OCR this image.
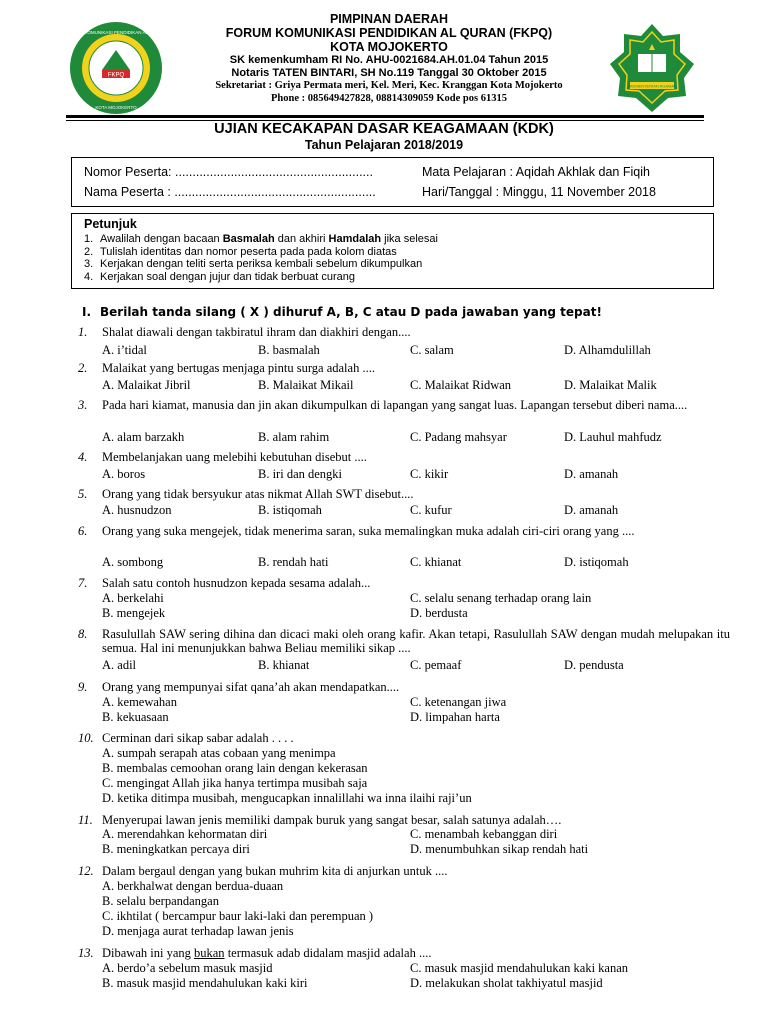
FKPQ
FORUM KOMUNIKASI PENDIDIKAN AL QURAN
KOTA MOJOKERTO
PIMPINAN DAERAH
FORUM KOMUNIKASI PENDIDIKAN AL QURAN (FKPQ)
KOTA MOJOKERTO
SK kemenkumham RI No. AHU-0021684.AH.01.04 Tahun 2015
Notaris TATEN BINTARI, SH No.119 Tanggal 30 Oktober 2015
Sekretariat : Griya Permata meri, Kel. Meri, Kec. Kranggan Kota Mojokerto
Phone : 085649427828, 08814309059 Kode pos 61315
KEMENTERIAN AGAMA
UJIAN KECAKAPAN DASAR KEAGAMAAN (KDK)
Tahun Pelajaran 2018/2019
Nomor Peserta: .........................................................
Nama Peserta : ..........................................................
Mata Pelajaran : Aqidah Akhlak dan Fiqih
Hari/Tanggal : Minggu, 11 November 2018
Petunjuk
1. Awalilah dengan bacaan Basmalah dan akhiri Hamdalah jika selesai
2. Tulislah identitas dan nomor peserta pada pada kolom diatas
3. Kerjakan dengan teliti serta periksa kembali sebelum dikumpulkan
4. Kerjakan soal dengan jujur dan tidak berbuat curang
I. Berilah tanda silang ( X ) dihuruf A, B, C atau D pada jawaban yang tepat!
1.	Shalat diawali dengan takbiratul ihram dan diakhiri dengan....
A. i’tidal	B. basmalah	C. salam	D. Alhamdulillah
2.	Malaikat yang bertugas menjaga pintu surga adalah ....
A. Malaikat Jibril	B. Malaikat Mikail	C. Malaikat Ridwan	D. Malaikat Malik
3.	Pada hari kiamat, manusia dan jin akan dikumpulkan di lapangan yang sangat luas. Lapangan tersebut diberi nama....
A. alam barzakh	B. alam rahim	C. Padang mahsyar	D. Lauhul mahfudz
4.	Membelanjakan uang melebihi kebutuhan disebut ....
A. boros	B. iri dan dengki	C. kikir	D. amanah
5.	Orang yang tidak bersyukur atas nikmat Allah SWT disebut....
A. husnudzon	B. istiqomah	C. kufur	D. amanah
6.	Orang yang suka mengejek, tidak menerima saran, suka memalingkan muka adalah ciri-ciri orang yang ....
A. sombong	B. rendah hati	C. khianat	D. istiqomah
7.	Salah satu contoh husnudzon kepada sesama adalah...
A. berkelahi	C. selalu senang terhadap orang lain
B. mengejek	D. berdusta
8.	Rasulullah SAW sering dihina dan dicaci maki oleh orang kafir. Akan tetapi, Rasulullah SAW dengan mudah melupakan itu semua. Hal ini menunjukkan bahwa Beliau memiliki sikap ....
A. adil	B. khianat	C. pemaaf	D. pendusta
9.	Orang yang mempunyai sifat qana’ah akan mendapatkan....
A. kemewahan	C. ketenangan jiwa
B. kekuasaan	D. limpahan harta
10. Cerminan dari sikap sabar adalah . . . .
A. sumpah serapah atas cobaan yang menimpa
B. membalas cemoohan orang lain dengan kekerasan
C. mengingat Allah jika hanya tertimpa musibah saja
D. ketika ditimpa musibah, mengucapkan innalillahi wa inna ilaihi raji’un
11. Menyerupai lawan jenis memiliki dampak buruk yang sangat besar, salah satunya adalah….
A. merendahkan kehormatan diri	C. menambah kebanggan diri
B. meningkatkan percaya diri	D. menumbuhkan sikap rendah hati
12. Dalam bergaul dengan yang bukan muhrim kita di anjurkan untuk ....
A. berkhalwat dengan berdua-duaan
B. selalu berpandangan
C. ikhtilat ( bercampur baur laki-laki dan perempuan )
D. menjaga aurat terhadap lawan jenis
13. Dibawah ini yang bukan termasuk adab didalam masjid adalah ....
A. berdo’a sebelum masuk masjid	C. masuk masjid mendahulukan kaki kanan
B. masuk masjid mendahulukan kaki kiri	D. melakukan sholat takhiyatul masjid
